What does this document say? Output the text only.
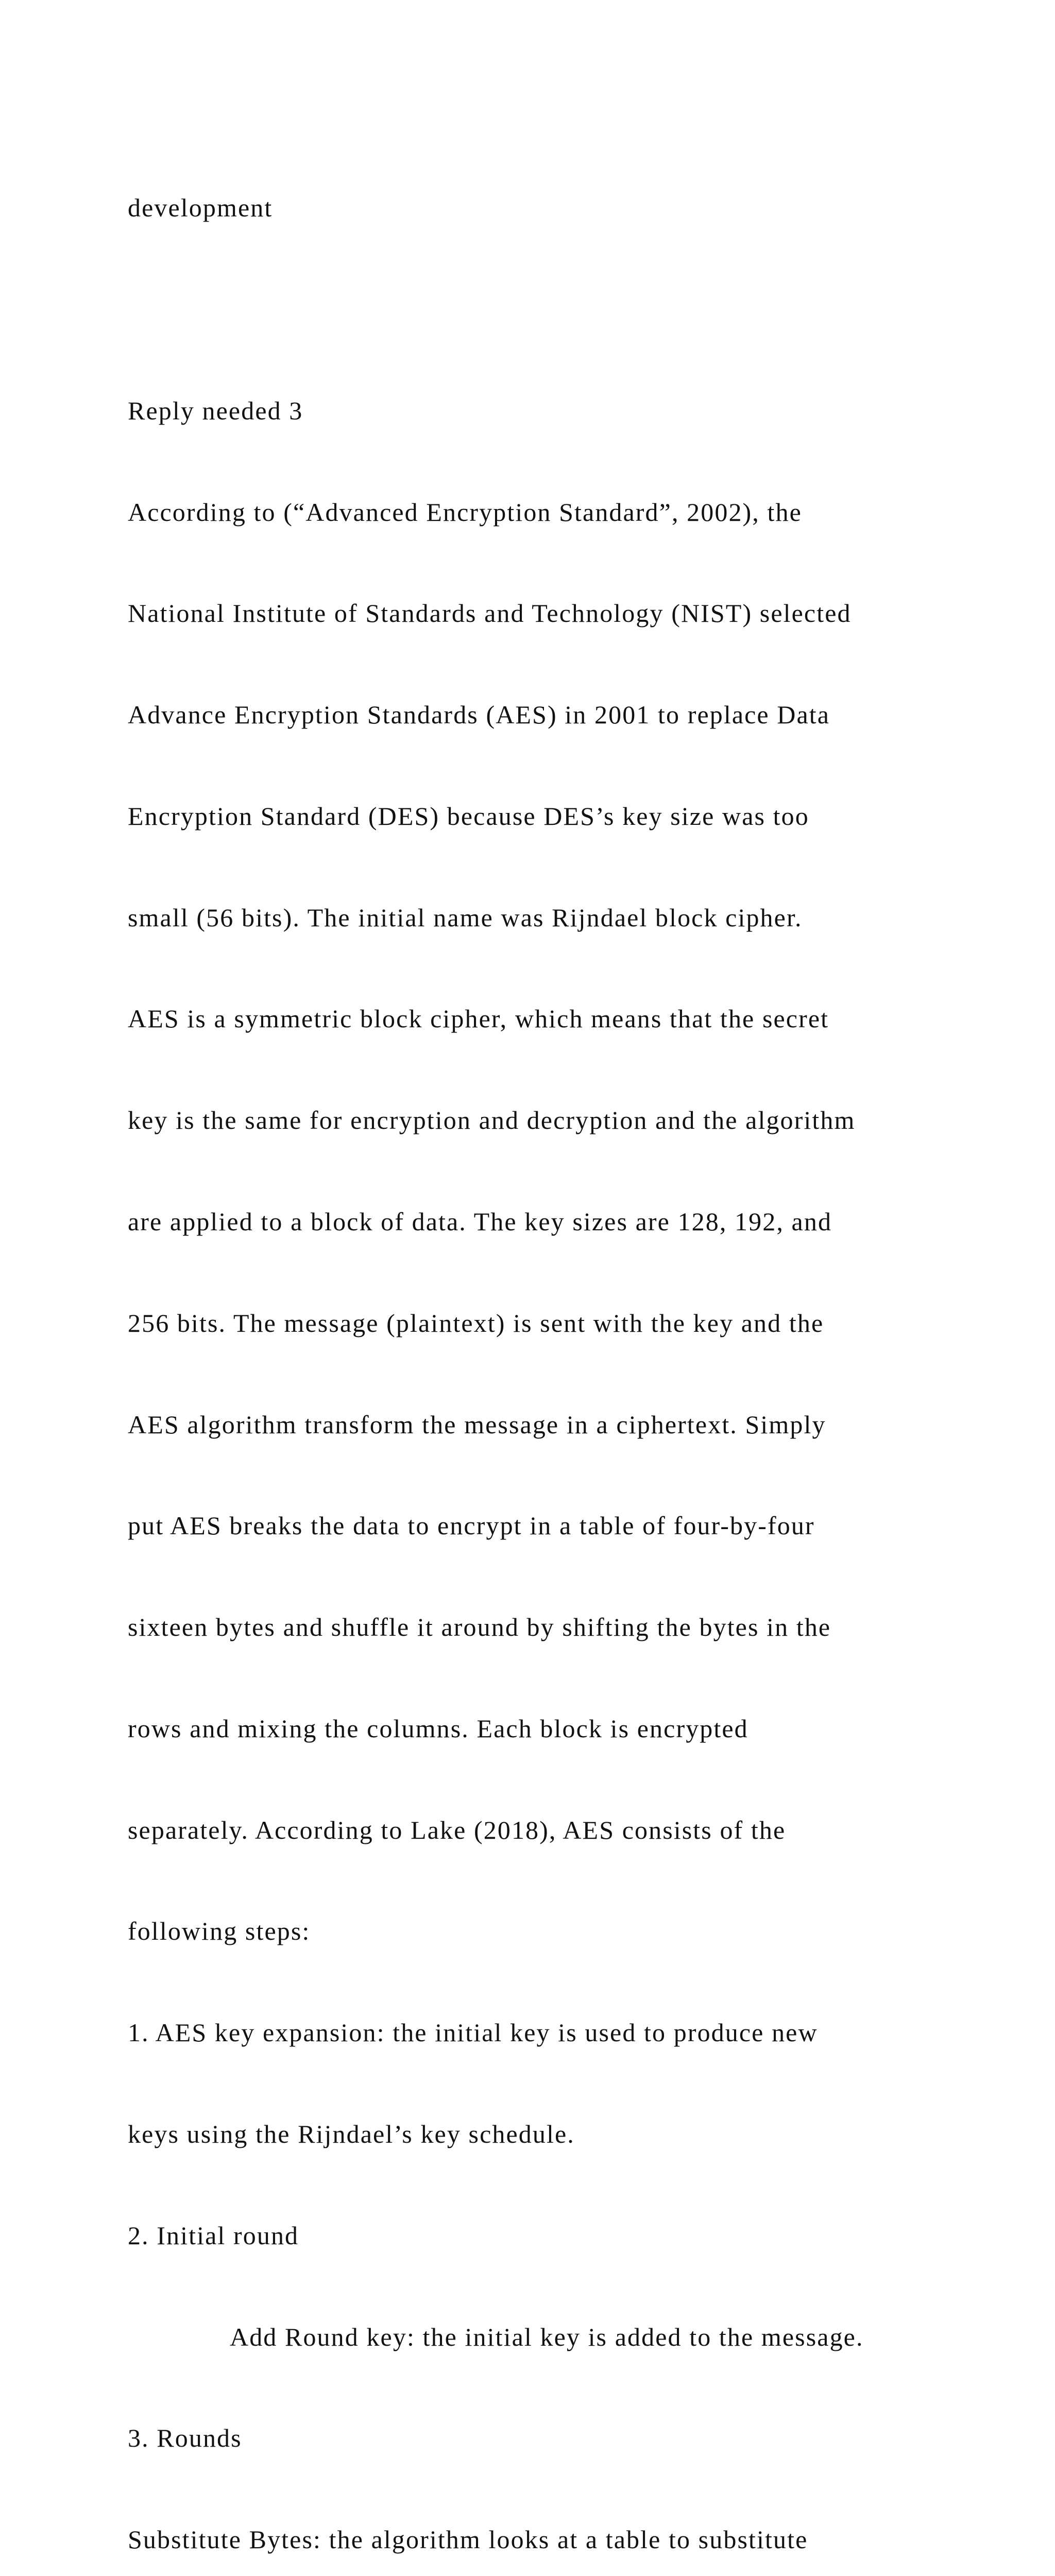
development

Reply needed 3

According to (“Advanced Encryption Standard”, 2002), the

National Institute of Standards and Technology (NIST) selected

Advance Encryption Standards (AES) in 2001 to replace Data

Encryption Standard (DES) because DES’s key size was too

small (56 bits). The initial name was Rijndael block cipher.

AES is a symmetric block cipher, which means that the secret

key is the same for encryption and decryption and the algorithm

are applied to a block of data. The key sizes are 128, 192, and

256 bits. The message (plaintext) is sent with the key and the

AES algorithm transform the message in a ciphertext. Simply

put AES breaks the data to encrypt in a table of four-by-four

sixteen bytes and shuffle it around by shifting the bytes in the

rows and mixing the columns. Each block is encrypted

separately. According to Lake (2018), AES consists of the

following steps:

1. AES key expansion: the initial key is used to produce new

keys using the Rijndael’s key schedule.

2. Initial round

Add Round key: the initial key is added to the message.

3. Rounds

Substitute Bytes: the algorithm looks at a table to substitute
